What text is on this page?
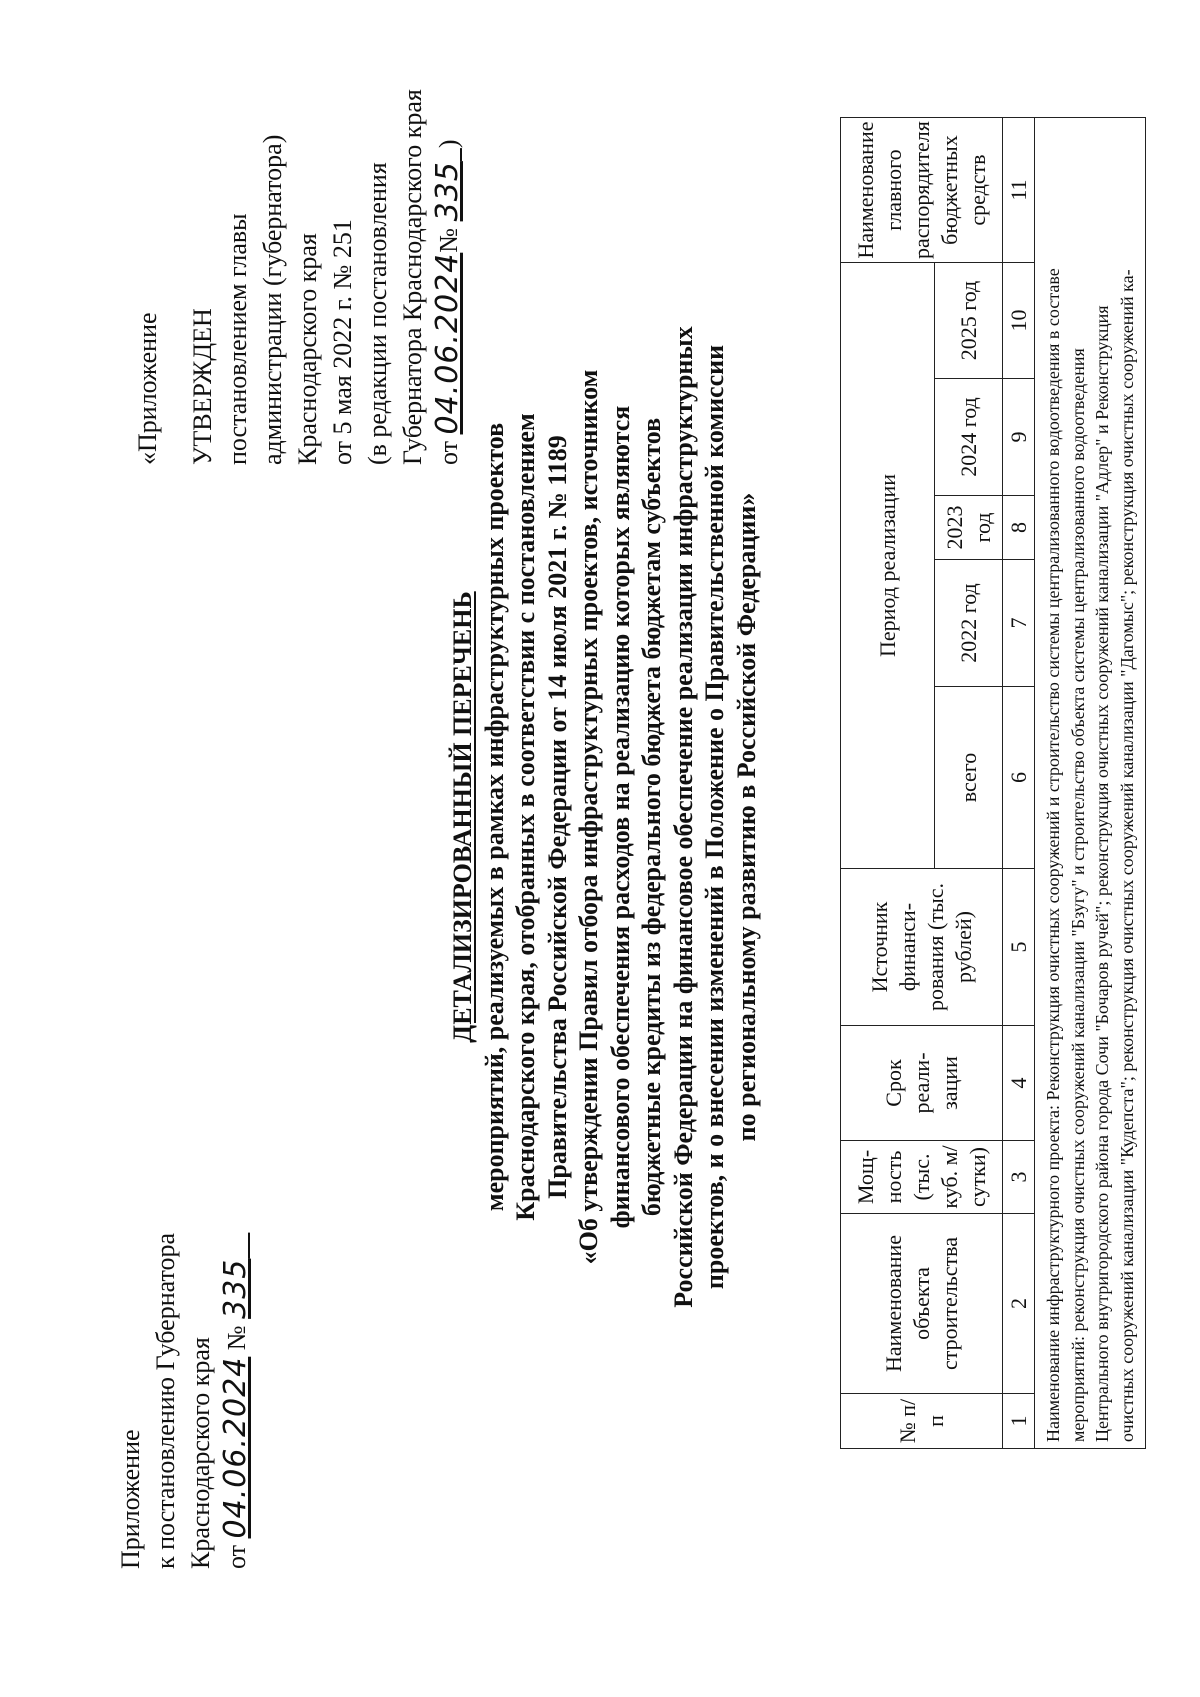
Приложение к постановлению Губернатора Краснодарского края от 04.06.2024 № 335
«Приложение УТВЕРЖДЕН постановлением главы администрации (губернатора) Краснодарского края от 5 мая 2022 г. № 251 (в редакции постановления Губернатора Краснодарского края от 04.06.2024№ 335  )
ДЕТАЛИЗИРОВАННЫЙ ПЕРЕЧЕНЬ мероприятий, реализуемых в рамках инфраструктурных проектов Краснодарского края, отобранных в соответствии с постановлением Правительства Российской Федерации от 14 июля 2021 г. № 1189 «Об утверждении Правил отбора инфраструктурных проектов, источником финансового обеспечения расходов на реализацию которых являются бюджетные кредиты из федерального бюджета бюджетам субъектов Российской Федерации на финансовое обеспечение реализации инфраструктурных проектов, и о внесении изменений в Положение о Правительственной комиссии по региональному развитию в Российской Федерации»
№ п/п	Наименование объекта строительства	Мощ- ность (тыс. куб. м/ сутки)	Срок реали- зации	Источник финанси- рования (тыс. рублей)	Период реализации					Наименование главного распорядителя бюджетных средств
					всего	2022 год	2023 год	2024 год	2025 год	
1	2	3	4	5	6	7	8	9	10	11

Наименование инфраструктурного проекта: Реконструкция очистных сооружений и строительство системы централизованного водоотведения в составе мероприятий: реконструкция очистных сооружений канализации "Бзугу" и строительство объекта системы централизованного водоотведения Центрального внутригородского района города Сочи "Бочаров ручей"; реконструкция очистных сооружений канализации "Адлер" и Реконструкция очистных сооружений канализации "Кудепста"; реконструкция очистных сооружений канализации "Дагомыс"; реконструкция очистных сооружений ка-										
